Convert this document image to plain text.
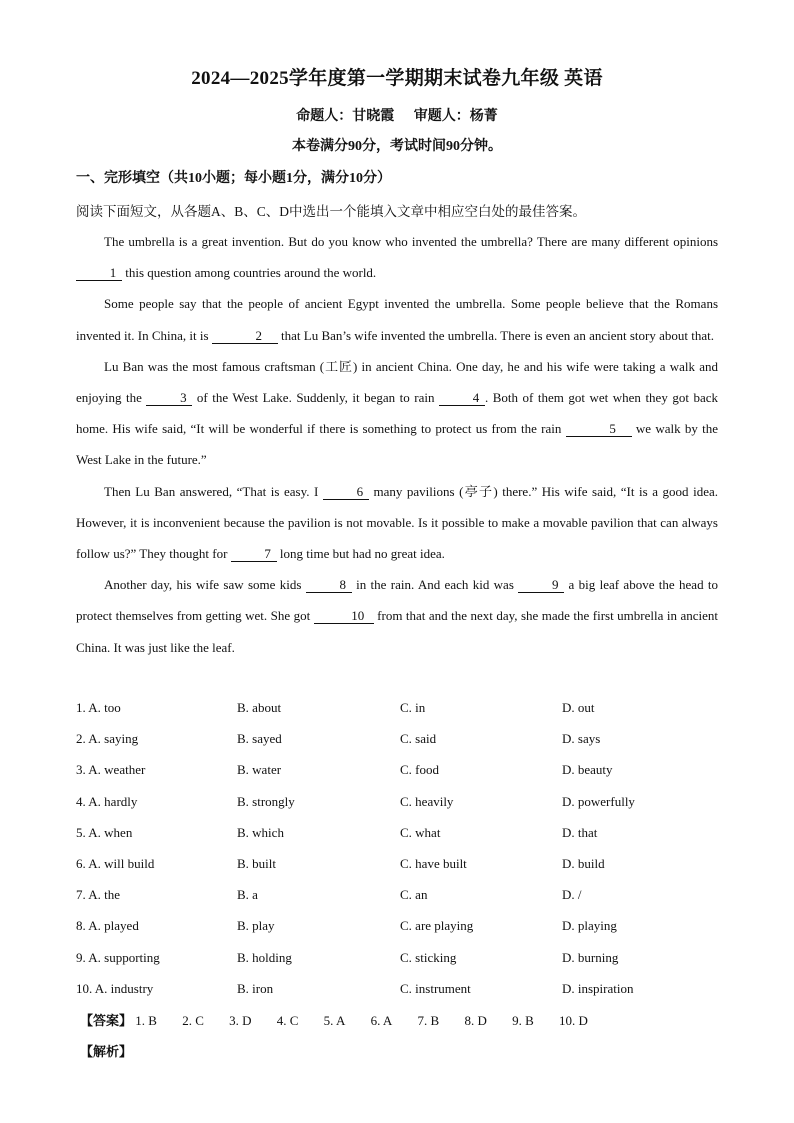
2024—2025学年度第一学期期末试卷九年级 英语
命题人：甘晓霞 审题人：杨菁
本卷满分90分，考试时间90分钟。
一、完形填空（共10小题；每小题1分，满分10分）
阅读下面短文，从各题A、B、C、D中选出一个能填入文章中相应空白处的最佳答案。

The umbrella is a great invention. But do you know who invented the umbrella? There are many different opinions 1 this question among countries around the world.

Some people say that the people of ancient Egypt invented the umbrella. Some people believe that the Romans invented it. In China, it is	2 that Lu Ban’s wife invented the umbrella. There is even an ancient story about that.

Lu Ban was the most famous craftsman (工匠) in ancient China. One day, he and his wife were taking a walk and enjoying the	3 of the West Lake. Suddenly, it began to rain	4 . Both of them got wet when they got back home. His wife said, “It will be wonderful if there is something to protect us from the rain	5 we walk by the West Lake in the future.”

Then Lu Ban answered, “That is easy. I	6 many pavilions (亭子) there.” His wife said, “It is a good idea. However, it is inconvenient because the pavilion is not movable. Is it possible to make a movable pavilion that can always follow us?” They thought for	7 long time but had no great idea.

Another day, his wife saw some kids	8 in the rain. And each kid was	9 a big leaf above the head to protect themselves from getting wet. She got	10 from that and the next day, she made the first umbrella in ancient China. It was just like the leaf.

1. A. too	B. about	C. in	D. out
2. A. saying	B. sayed	C. said	D. says
3. A. weather	B. water	C. food	D. beauty
4. A. hardly	B. strongly	C. heavily	D. powerfully
5. A. when	B. which	C. what	D. that
6. A. will build	B. built	C. have built	D. build
7. A. the	B. a	C. an	D. /
8. A. played	B. play	C. are playing	D. playing
9. A. supporting	B. holding	C. sticking	D. burning
10. A. industry	B. iron	C. instrument	D. inspiration
【答案】 1. B 2. C 3. D 4. C 5. A 6. A 7. B 8. D 9. B 10. D
【解析】
